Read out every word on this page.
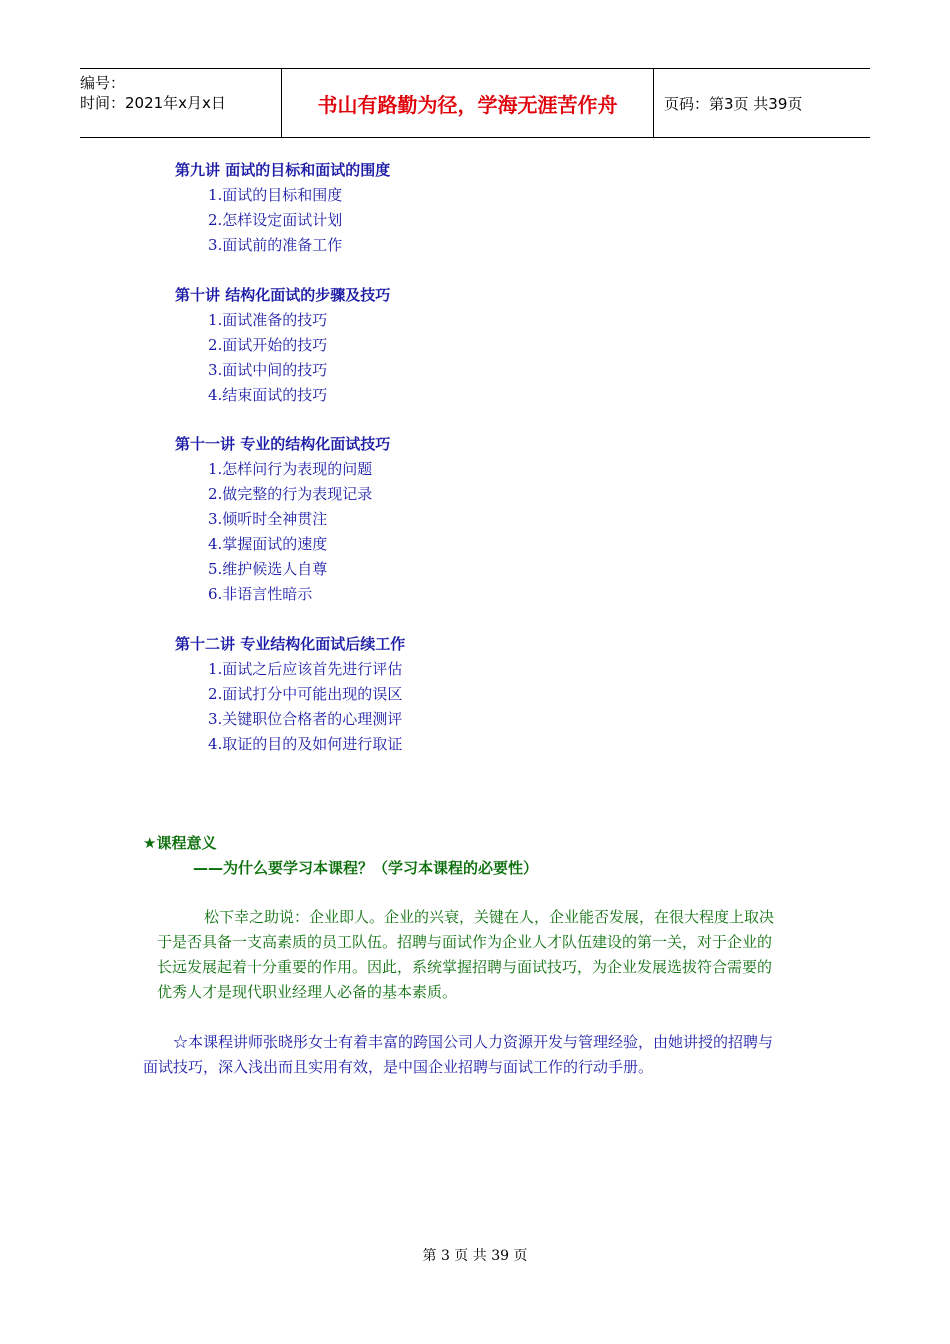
编号：
时间：2021年x月x日	书山有路勤为径，学海无涯苦作舟	页码：第3页 共39页
第九讲 面试的目标和面试的围度
1.面试的目标和围度
2.怎样设定面试计划
3.面试前的准备工作
第十讲 结构化面试的步骤及技巧
1.面试准备的技巧
2.面试开始的技巧
3.面试中间的技巧
4.结束面试的技巧
第十一讲 专业的结构化面试技巧
1.怎样问行为表现的问题
2.做完整的行为表现记录
3.倾听时全神贯注
4.掌握面试的速度
5.维护候选人自尊
6.非语言性暗示
第十二讲 专业结构化面试后续工作
1.面试之后应该首先进行评估
2.面试打分中可能出现的误区
3.关键职位合格者的心理测评
4.取证的目的及如何进行取证
★课程意义
——为什么要学习本课程？（学习本课程的必要性）
松下幸之助说：企业即人。企业的兴衰，关键在人，企业能否发展，在很大程度上取决于是否具备一支高素质的员工队伍。招聘与面试作为企业人才队伍建设的第一关，对于企业的长远发展起着十分重要的作用。因此，系统掌握招聘与面试技巧，为企业发展选拔符合需要的优秀人才是现代职业经理人必备的基本素质。
☆本课程讲师张晓彤女士有着丰富的跨国公司人力资源开发与管理经验，由她讲授的招聘与面试技巧，深入浅出而且实用有效，是中国企业招聘与面试工作的行动手册。
第 3 页 共 39 页
